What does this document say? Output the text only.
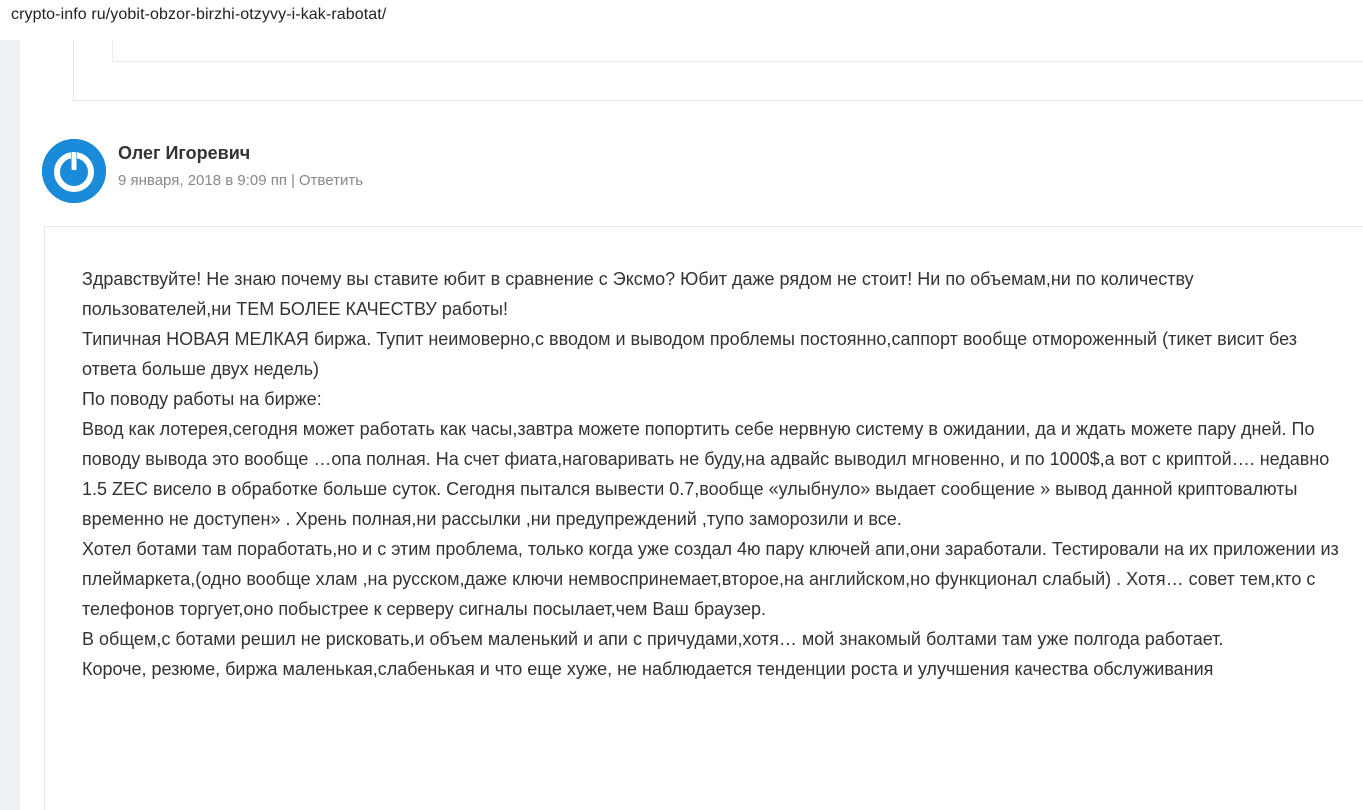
crypto-info ru/yobit-obzor-birzhi-otzyvy-i-kak-rabotat/
Олег Игоревич
9 января, 2018 в 9:09 пп | Ответить

Здравствуйте! Не знаю почему вы ставите юбит в сравнение с Эксмо? Юбит даже рядом не стоит! Ни по объемам,ни по количеству пользователей,ни ТЕМ БОЛЕЕ КАЧЕСТВУ работы!

Типичная НОВАЯ МЕЛКАЯ биржа. Тупит неимоверно,с вводом и выводом проблемы постоянно,саппорт вообще отмороженный (тикет висит без ответа больше двух недель)

По поводу работы на бирже:

Ввод как лотерея,сегодня может работать как часы,завтра можете попортить себе нервную систему в ожидании, да и ждать можете пару дней. По поводу вывода это вообще …опа полная. На счет фиата,наговаривать не буду,на адвайс выводил мгновенно, и по 1000$,а вот с криптой…. недавно 1.5 ZEC висело в обработке больше суток. Сегодня пытался вывести 0.7,вообще «улыбнуло» выдает сообщение » вывод данной криптовалюты временно не доступен» . Хрень полная,ни рассылки ,ни предупреждений ,тупо заморозили и все.

Хотел ботами там поработать,но и с этим проблема, только когда уже создал 4ю пару ключей апи,они заработали. Тестировали на их приложении из плеймаркета,(одно вообще хлам ,на русском,даже ключи немвоспринемает,второе,на английском,но функционал слабый) . Хотя… совет тем,кто с телефонов торгует,оно побыстрее к серверу сигналы посылает,чем Ваш браузер.

В общем,с ботами решил не рисковать,и объем маленький и апи с причудами,хотя… мой знакомый болтами там уже полгода работает.

Короче, резюме, биржа маленькая,слабенькая и что еще хуже, не наблюдается тенденции роста и улучшения качества обслуживания
